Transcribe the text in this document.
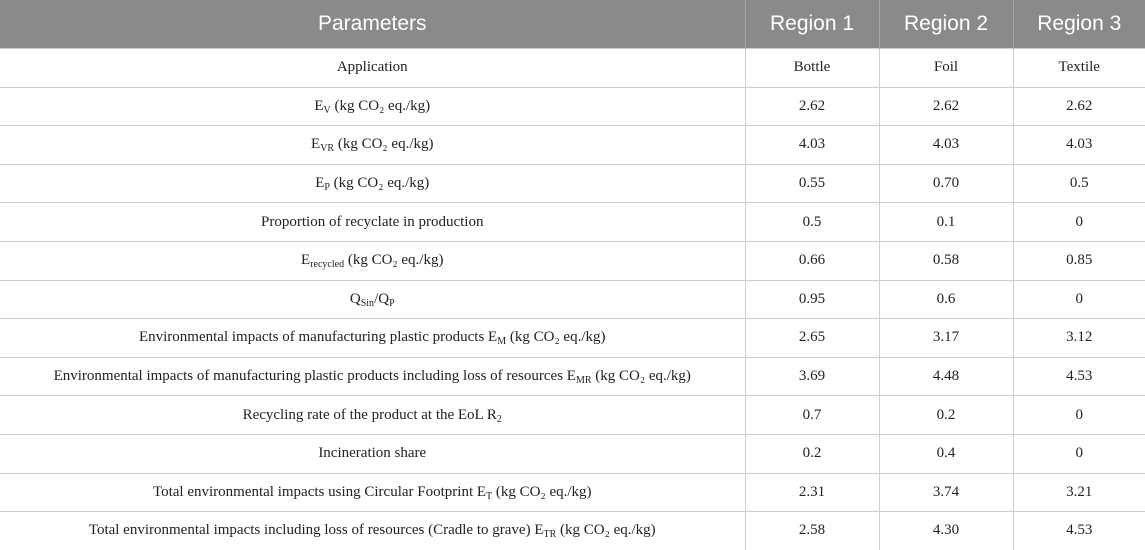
Parameters	Region 1	Region 2	Region 3
Application	Bottle	Foil	Textile
$E_V$ (kg CO₂ eq./kg)	2.62	2.62	2.62
$E_{VR}$ (kg CO₂ eq./kg)	4.03	4.03	4.03
$E_P$ (kg CO₂ eq./kg)	0.55	0.70	0.5
Proportion of recyclate in production	0.5	0.1	0
$E_{recycled}$ (kg CO₂ eq./kg)	0.66	0.58	0.85
$Q_{Sin}/Q_P$	0.95	0.6	0
Environmental impacts of manufacturing plastic products $E_M$ (kg CO₂ eq./kg)	2.65	3.17	3.12
Environmental impacts of manufacturing plastic products including loss of resources $E_{MR}$ (kg CO₂ eq./kg)	3.69	4.48	4.53
Recycling rate of the product at the EoL $R_2$	0.7	0.2	0
Incineration share	0.2	0.4	0
Total environmental impacts using Circular Footprint $E_T$ (kg CO₂ eq./kg)	2.31	3.74	3.21
Total environmental impacts including loss of resources (Cradle to grave) $E_{TR}$ (kg CO₂ eq./kg)	2.58	4.30	4.53
